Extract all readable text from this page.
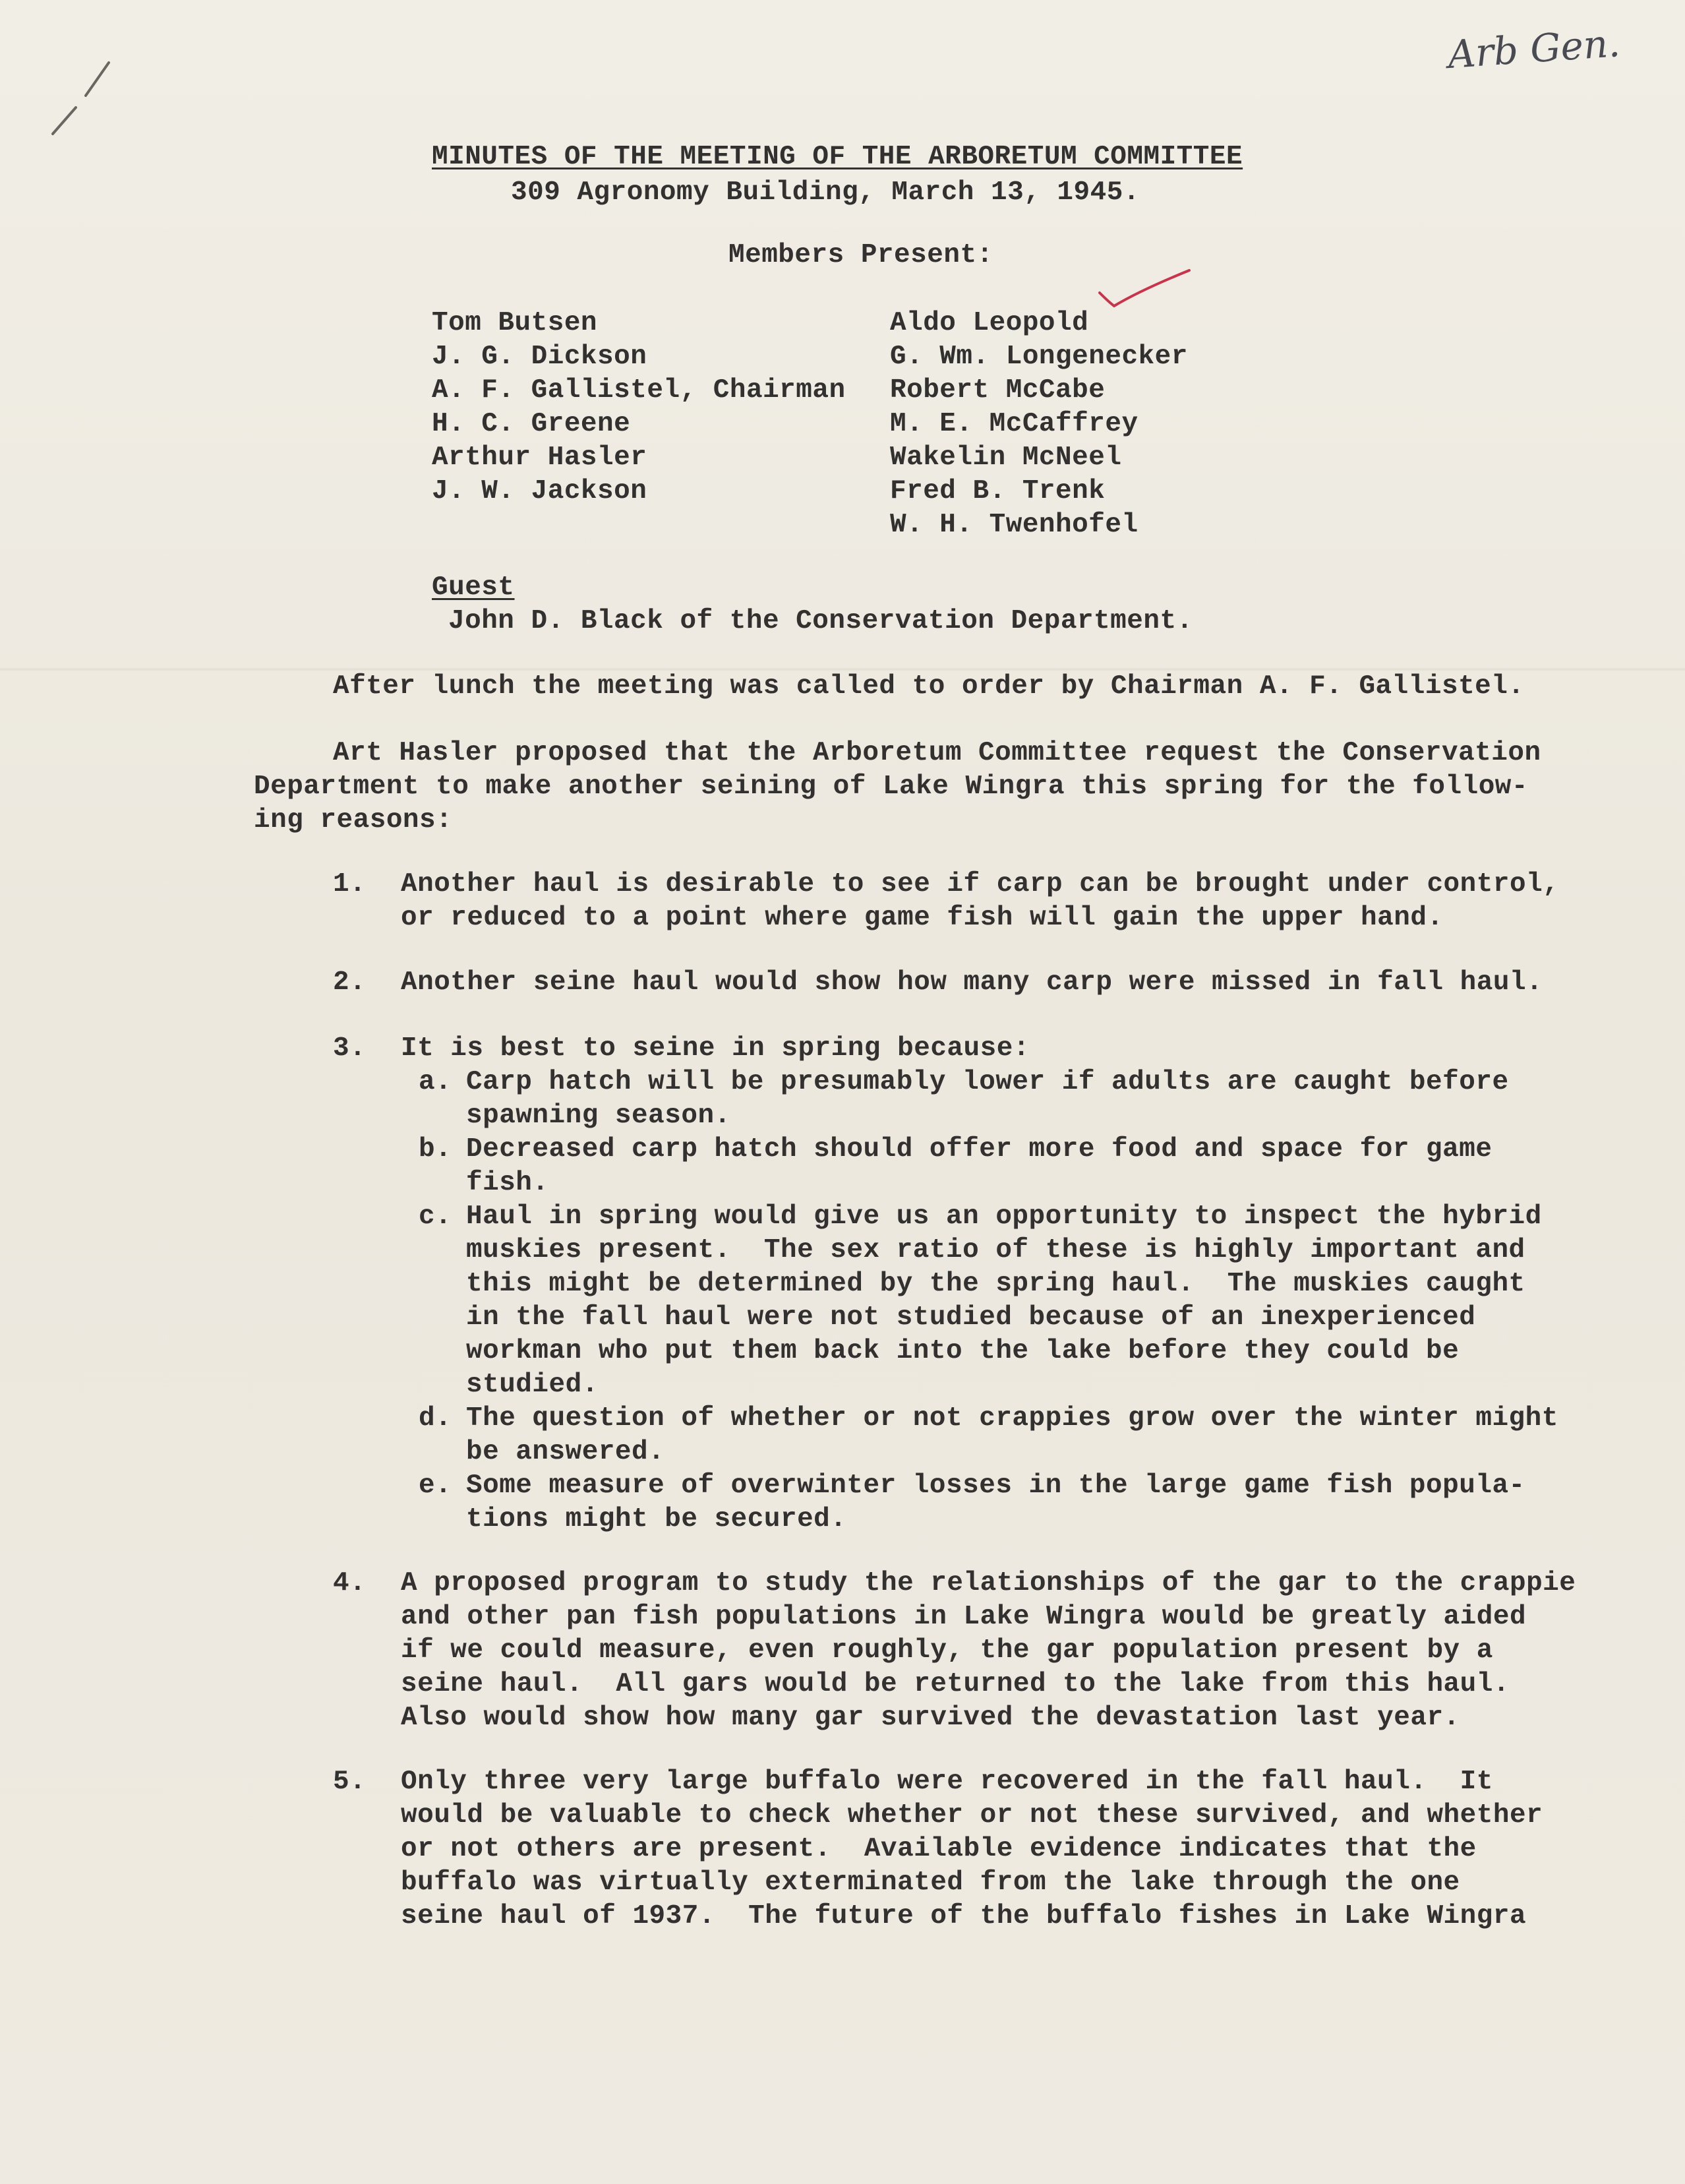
Arb Gen.
MINUTES OF THE MEETING OF THE ARBORETUM COMMITTEE
309 Agronomy Building, March 13, 1945.
Members Present:
Tom Butsen
J. G. Dickson
A. F. Gallistel, Chairman
H. C. Greene
Arthur Hasler
J. W. Jackson
Aldo Leopold
G. Wm. Longenecker
Robert McCabe
M. E. McCaffrey
Wakelin McNeel
Fred B. Trenk
W. H. Twenhofel
Guest
John D. Black of the Conservation Department.
After lunch the meeting was called to order by Chairman A. F. Gallistel.
Art Hasler proposed that the Arboretum Committee request the Conservation
Department to make another seining of Lake Wingra this spring for the follow-
ing reasons:
1. Another haul is desirable to see if carp can be brought under control,
or reduced to a point where game fish will gain the upper hand.
2. Another seine haul would show how many carp were missed in fall haul.
3. It is best to seine in spring because:
a. Carp hatch will be presumably lower if adults are caught before
spawning season.
b. Decreased carp hatch should offer more food and space for game
fish.
c. Haul in spring would give us an opportunity to inspect the hybrid
muskies present.  The sex ratio of these is highly important and
this might be determined by the spring haul.  The muskies caught
in the fall haul were not studied because of an inexperienced
workman who put them back into the lake before they could be
studied.
d. The question of whether or not crappies grow over the winter might
be answered.
e. Some measure of overwinter losses in the large game fish popula-
tions might be secured.
4. A proposed program to study the relationships of the gar to the crappie
and other pan fish populations in Lake Wingra would be greatly aided
if we could measure, even roughly, the gar population present by a
seine haul.  All gars would be returned to the lake from this haul.
Also would show how many gar survived the devastation last year.
5. Only three very large buffalo were recovered in the fall haul.  It
would be valuable to check whether or not these survived, and whether
or not others are present.  Available evidence indicates that the
buffalo was virtually exterminated from the lake through the one
seine haul of 1937.  The future of the buffalo fishes in Lake Wingra
